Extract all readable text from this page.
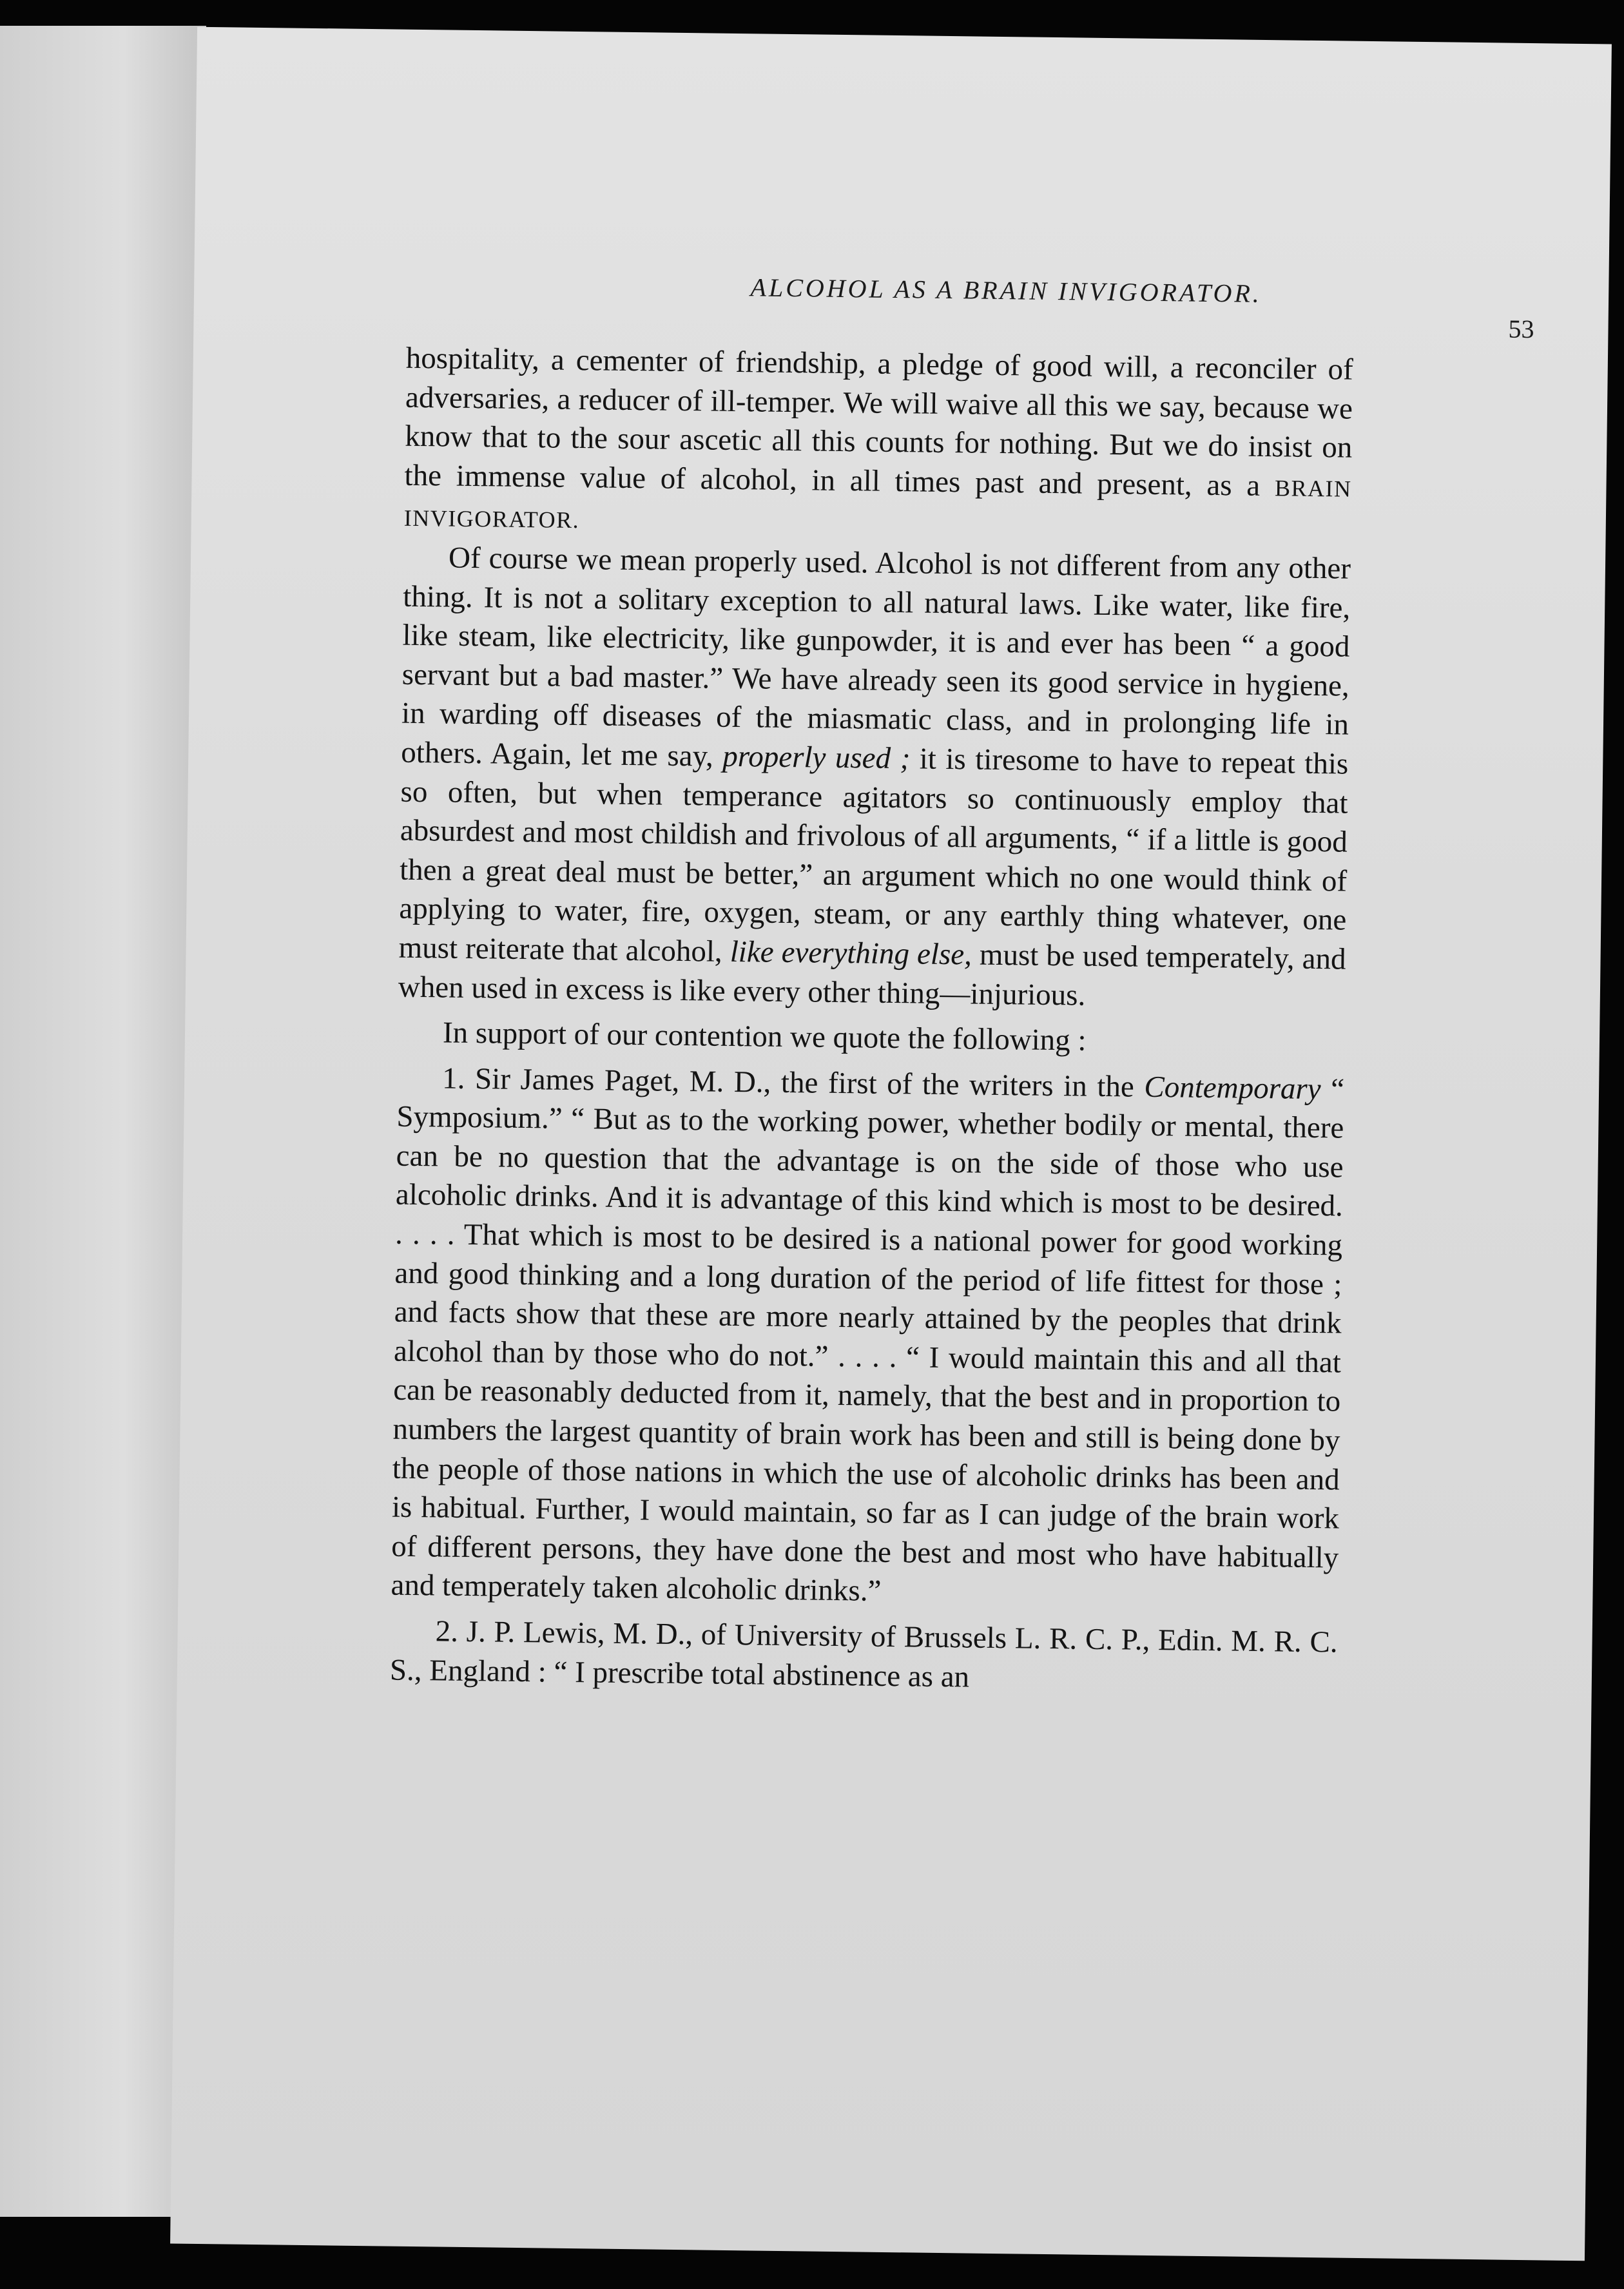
ALCOHOL AS A BRAIN INVIGORATOR.
53

hospitality, a cementer of friendship, a pledge of good will, a reconciler of adversaries, a reducer of ill-temper. We will waive all this we say, because we know that to the sour ascetic all this counts for nothing. But we do insist on the immense value of alcohol, in all times past and present, as a BRAIN INVIGORATOR.

Of course we mean properly used. Alcohol is not different from any other thing. It is not a solitary exception to all natural laws. Like water, like fire, like steam, like electricity, like gunpowder, it is and ever has been “ a good servant but a bad master.” We have already seen its good service in hygiene, in warding off diseases of the miasmatic class, and in prolonging life in others. Again, let me say, properly used ; it is tiresome to have to repeat this so often, but when temperance agitators so continuously employ that absurdest and most childish and frivolous of all arguments, “ if a little is good then a great deal must be better,” an argument which no one would think of applying to water, fire, oxygen, steam, or any earthly thing whatever, one must reiterate that alcohol, like everything else, must be used temperately, and when used in excess is like every other thing—injurious.

In support of our contention we quote the following :

1. Sir James Paget, M. D., the first of the writers in the Contemporary “ Symposium.” “ But as to the working power, whether bodily or mental, there can be no question that the advantage is on the side of those who use alcoholic drinks. And it is advantage of this kind which is most to be desired. . . . . That which is most to be desired is a national power for good working and good thinking and a long duration of the period of life fittest for those ; and facts show that these are more nearly attained by the peoples that drink alcohol than by those who do not.” . . . . “ I would maintain this and all that can be reasonably deducted from it, namely, that the best and in proportion to numbers the largest quantity of brain work has been and still is being done by the people of those nations in which the use of alcoholic drinks has been and is habitual. Further, I would maintain, so far as I can judge of the brain work of different persons, they have done the best and most who have habitually and temperately taken alcoholic drinks.”

2. J. P. Lewis, M. D., of University of Brussels L. R. C. P., Edin. M. R. C. S., England : “ I prescribe total abstinence as an
